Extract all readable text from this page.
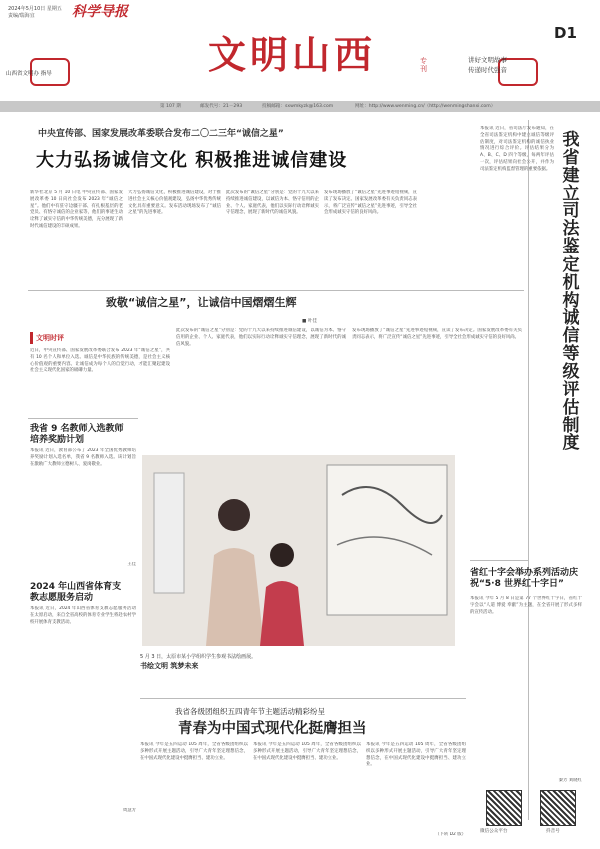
2024年5月10日 星期五
责编/瑞海宜	科学导报
山西省文明办 指导	文明山西	专刊
讲好文明故事
传递时代强音
D1
第 107 期	邮发代号：21－293	投稿邮箱：sxwmkyzk@163.com	网址：http://www.wenming.cn/（http://wenmingshanxi.com）
中央宣传部、国家发展改革委联合发布二〇二三年“诚信之星”
大力弘扬诚信文化 积极推进诚信建设
新华社北京 5 月 10 日电 中央宣传部、国家发展改革委 10 日向社会发布 2023 年“诚信之星”。他们中有驻守边疆干部、有扎根基层的老党员、有恪守诚信的企业家等，他们的事迹生动诠释了诚实守信的中华传统美德，充分展现了新时代诚信建设的丰硕成果。
大力弘扬诚信文化，积极推进诚信建设，对于推进社会主义核心价值观建设，弘扬中华优秀传统文化具有重要意义。发布活动现场发布了“诚信之星”的先进事迹。
此次发布的“诚信之星”分别是：党的十九大以来持续推进诚信建设，以诚信为本、恪守信用的企业、个人、家庭代表，他们以实际行动诠释诚实守信理念，展现了新时代的诚信风貌。
发布现场播放了“诚信之星”先进事迹短视频，宣读了发布决定。国家发展改革委有关负责同志表示，将广泛宣传“诚信之星”先进事迹，引导全社会形成诚实守信的良好风尚。
致敬“诚信之星”，让诚信中国熠熠生辉
■ 叶佳
文明时评
近日，中央宣传部、国家发展改革委联合发布 2023 年“诚信之星”，共有 10 名个人和单位入选。诚信是中华民族的传统美德，是社会主义核心价值观的重要内容。让诚信成为每个人的自觉行动，才能汇聚起建设社会主义现代化国家的磅礴力量。
此次发布的“诚信之星”分别是：党的十九大以来持续推进诚信建设，以诚信为本、恪守信用的企业、个人、家庭代表，他们以实际行动诠释诚实守信理念，展现了新时代的诚信风貌。
发布现场播放了“诚信之星”先进事迹短视频，宣读了发布决定。国家发展改革委有关负责同志表示，将广泛宣传“诚信之星”先进事迹，引导全社会形成诚实守信的良好风尚。
本报讯 近日，省司法厅发布通知，在全省司法鉴定机构中建立诚信等级评估制度，对司法鉴定机构的诚信执业情况进行综合评价。评估结果分为 A、B、C、D 四个等级，每两年评估一次，评估结果向社会公开，并作为司法鉴定机构监督管理的重要依据。
我省建立司法鉴定机构诚信等级评估制度
我省 9 名教师入选教师培养奖励计划
本报讯 近日，教育部公布了 2023 年全国优秀教师培养奖励计划入选名单，我省 9 名教师入选。该计划旨在激励广大教师立德树人、爱岗敬业。
王佳
2024 年山西省体育支教志愿服务启动
本报讯 近日，2024 年山西省体育支教志愿服务活动在太原启动，来自全省高校的体育专业学生将赴农村学校开展体育支教活动。
周慧芳
5 月 3 日，太原市某小学组织学生参观书法绘画展。
书绘文明 筑梦未来
省红十字会举办系列活动庆祝“5·8 世界红十字日”
本报讯 今年 5 月 8 日是第 77 个世界红十字日，省红十字会以“人道 博爱 奉献”为主题，在全省开展了形式多样的宣传活动。
秦芳 刘晓红
我省各级团组织五四青年节主题活动精彩纷呈
青春为中国式现代化挺膺担当
本报讯 今年是五四运动 105 周年，全省各级团组织以多种形式开展主题活动，引导广大青年坚定理想信念，在中国式现代化建设中挺膺担当、建功立业。
本报讯 今年是五四运动 105 周年，全省各级团组织以多种形式开展主题活动，引导广大青年坚定理想信念，在中国式现代化建设中挺膺担当、建功立业。
本报讯 今年是五四运动 105 周年，全省各级团组织以多种形式开展主题活动，引导广大青年坚定理想信念，在中国式现代化建设中挺膺担当、建功立业。
（下转 D2 版）
微信公众平台	抖音号
